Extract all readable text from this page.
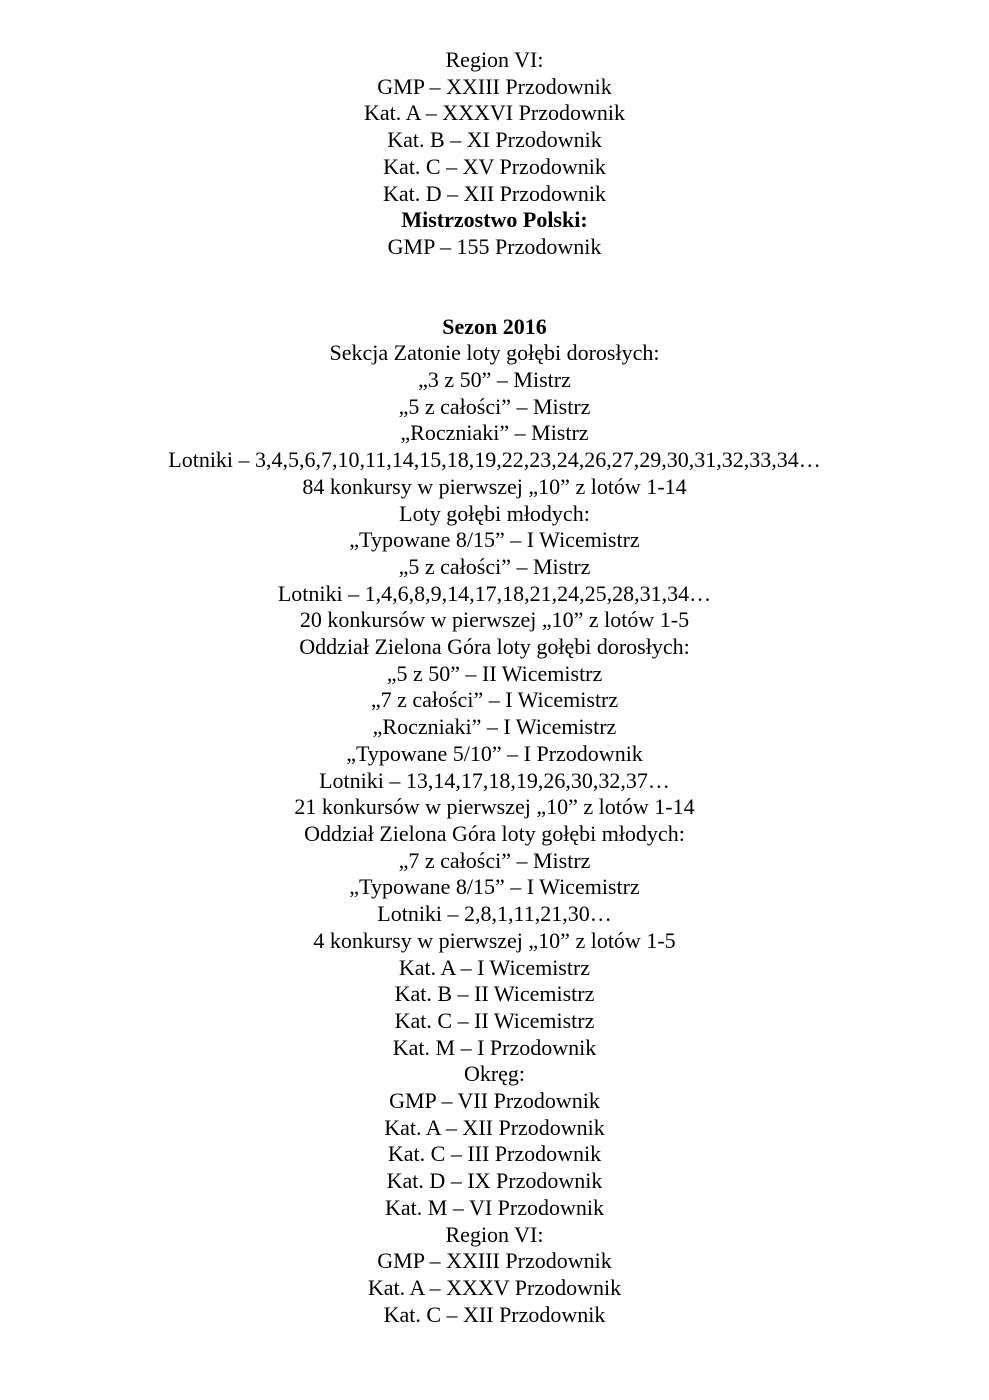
Region VI:
GMP – XXIII Przodownik
Kat. A – XXXVI Przodownik
Kat. B – XI Przodownik
Kat. C – XV Przodownik
Kat. D – XII Przodownik
Mistrzostwo Polski:
GMP – 155 Przodownik
Sezon 2016
Sekcja Zatonie loty gołębi dorosłych:
„3 z 50” – Mistrz
„5 z całości” – Mistrz
„Roczniaki” – Mistrz
Lotniki – 3,4,5,6,7,10,11,14,15,18,19,22,23,24,26,27,29,30,31,32,33,34…
84 konkursy w pierwszej „10” z lotów 1-14
Loty gołębi młodych:
„Typowane 8/15” – I Wicemistrz
„5 z całości” – Mistrz
Lotniki – 1,4,6,8,9,14,17,18,21,24,25,28,31,34…
20 konkursów w pierwszej „10” z lotów 1-5
Oddział Zielona Góra loty gołębi dorosłych:
„5 z 50” – II Wicemistrz
„7 z całości” – I Wicemistrz
„Roczniaki” – I Wicemistrz
„Typowane 5/10” – I Przodownik
Lotniki – 13,14,17,18,19,26,30,32,37…
21 konkursów w pierwszej „10” z lotów 1-14
Oddział Zielona Góra loty gołębi młodych:
„7 z całości” – Mistrz
„Typowane 8/15” – I Wicemistrz
Lotniki – 2,8,1,11,21,30…
4 konkursy w pierwszej „10” z lotów 1-5
Kat. A – I Wicemistrz
Kat. B – II Wicemistrz
Kat. C – II Wicemistrz
Kat. M – I Przodownik
Okręg:
GMP – VII Przodownik
Kat. A – XII Przodownik
Kat. C – III Przodownik
Kat. D – IX Przodownik
Kat. M – VI Przodownik
Region VI:
GMP – XXIII Przodownik
Kat. A – XXXV Przodownik
Kat. C – XII Przodownik
